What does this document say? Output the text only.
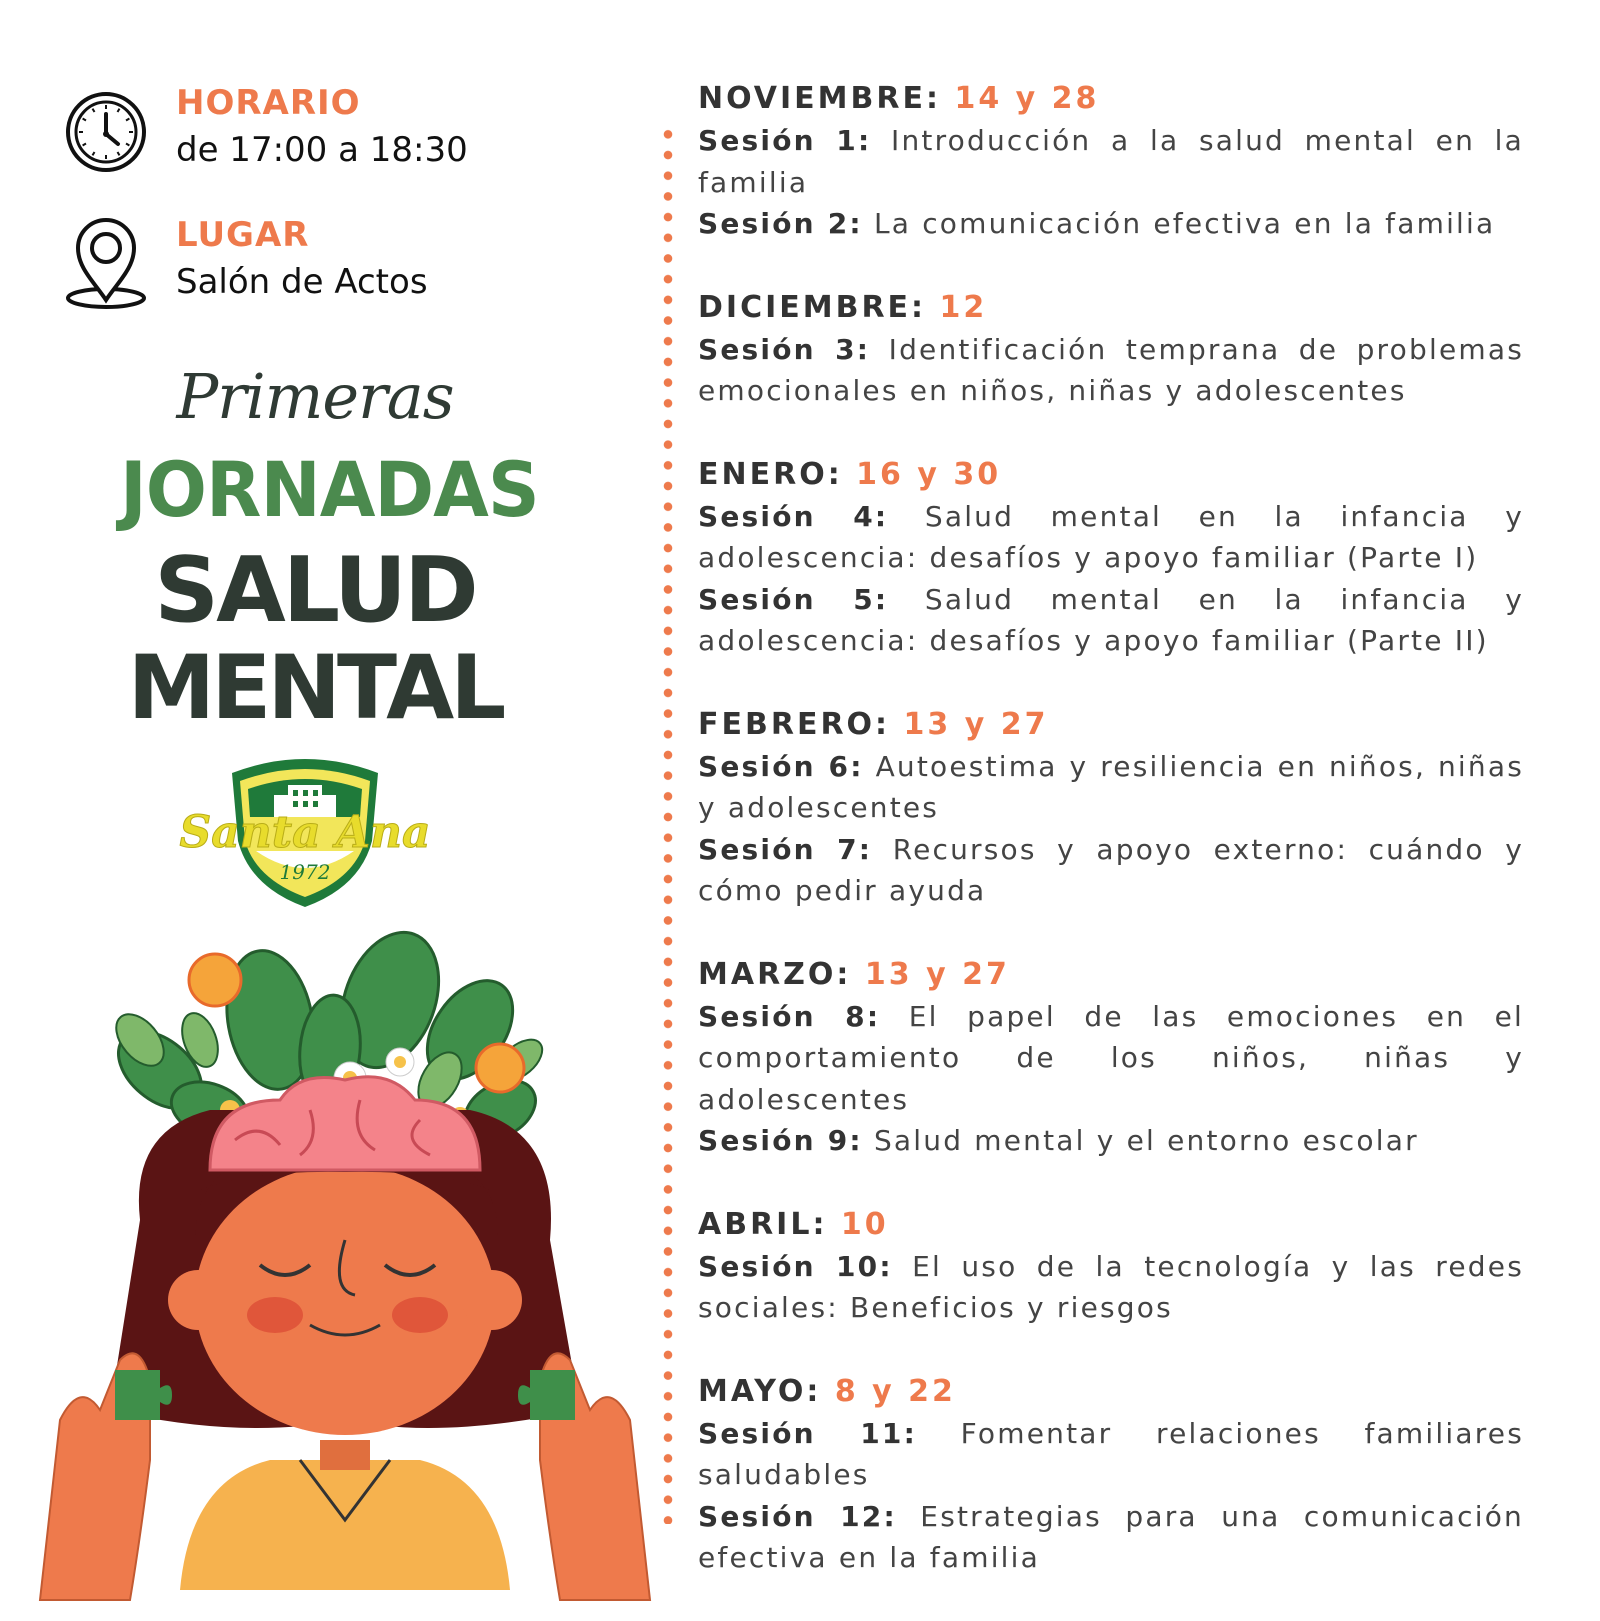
HORARIO
de 17:00 a 18:30
LUGAR
Salón de Actos
Primeras
JORNADAS
SALUD
MENTAL
Santa Ana
1972
NOVIEMBRE: 14 y 28
Sesión 1: Introducción a la salud mental en la familia
Sesión 2: La comunicación efectiva en la familia
DICIEMBRE: 12
Sesión 3: Identificación temprana de problemas emocionales en niños, niñas y adolescentes
ENERO: 16 y 30
Sesión 4: Salud mental en la infancia y adolescencia: desafíos y apoyo familiar (Parte I)
Sesión 5: Salud mental en la infancia y adolescencia: desafíos y apoyo familiar (Parte II)
FEBRERO: 13 y 27
Sesión 6: Autoestima y resiliencia en niños, niñas y adolescentes
Sesión 7: Recursos y apoyo externo: cuándo y cómo pedir ayuda
MARZO: 13 y 27
Sesión 8: El papel de las emociones en el comportamiento de los niños, niñas y adolescentes
Sesión 9: Salud mental y el entorno escolar
ABRIL: 10
Sesión 10: El uso de la tecnología y las redes sociales: Beneficios y riesgos
MAYO: 8 y 22
Sesión 11: Fomentar relaciones familiares saludables
Sesión 12: Estrategias para una comunicación efectiva en la familia
